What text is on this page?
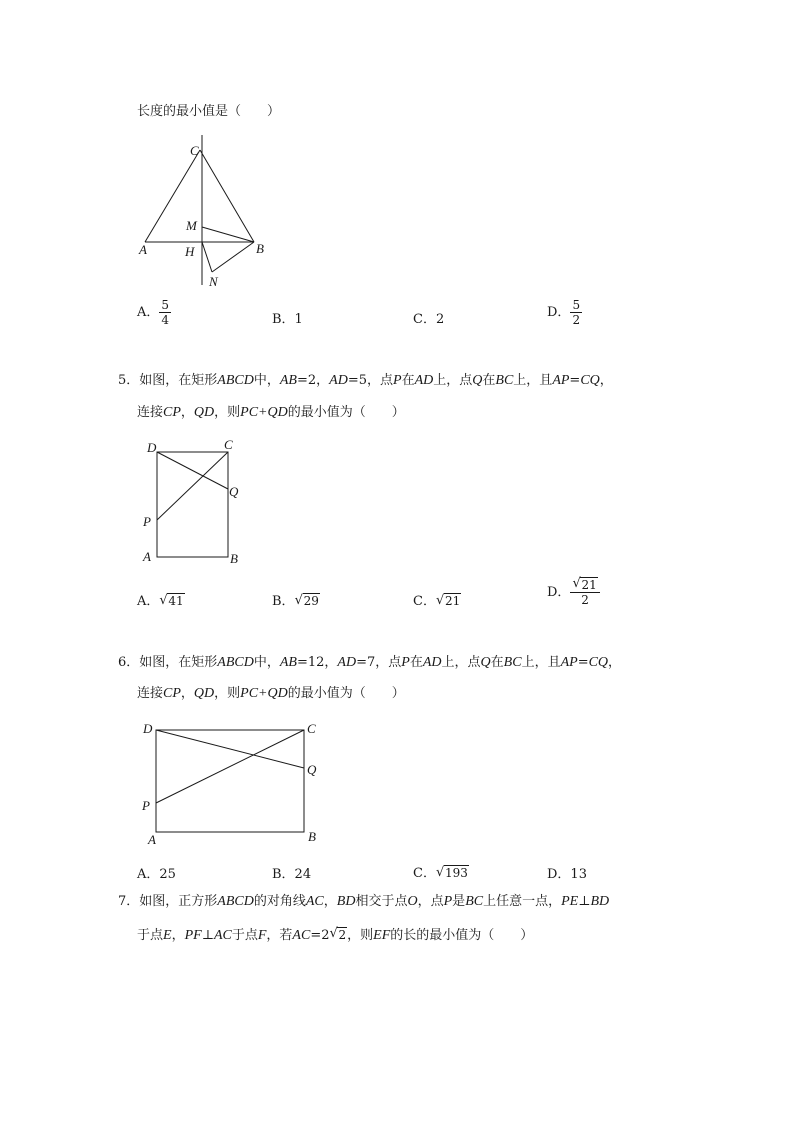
长度的最小值是（　　）
C
M
A	H	B
N
A． $\frac{5}{4}$	B．1	C．2	D． $\frac{5}{2}$
5．如图，在矩形ABCD中，AB=2，AD=5，点P在AD上，点Q在BC上，且AP=CQ，
连接CP，QD，则PC+QD的最小值为（　　）
D	C
Q
P
A	B
A． √ 41	B． √ 29	C． √ 21
D． $\frac{√ 21}{2}$
6．如图，在矩形ABCD中，AB=12，AD=7，点P在AD上，点Q在BC上，且AP=CQ，
连接CP，QD，则PC+QD的最小值为（　　）
D	C
Q
P
A	B
A．25	B．24	C． √ 193	D．13
7．如图，正方形ABCD的对角线AC，BD相交于点O，点P是BC上任意一点，PE⊥BD
于点E，PF⊥AC于点F，若AC=2 √ 2，则EF的长的最小值为（　　）
